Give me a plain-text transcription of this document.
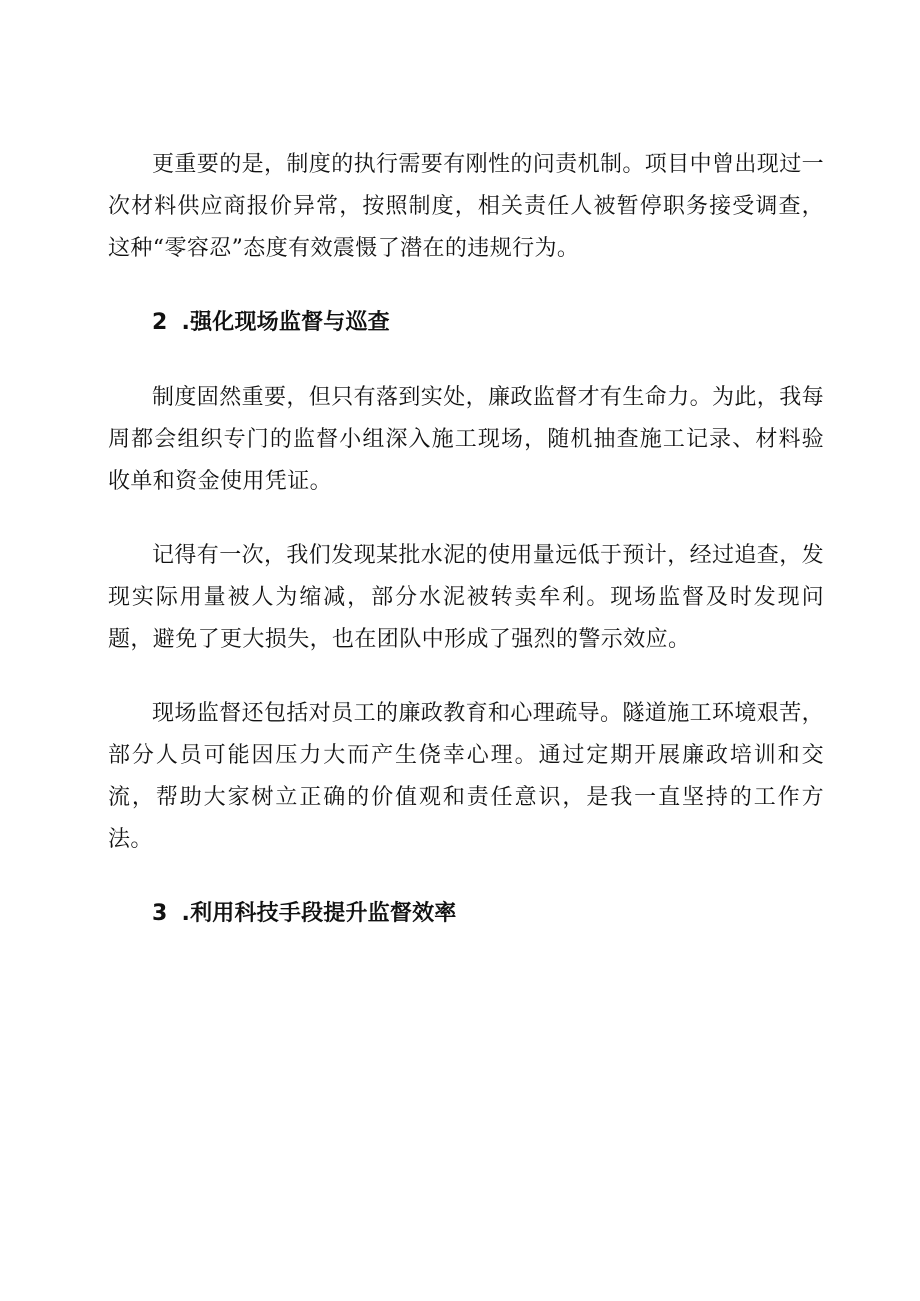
更重要的是，制度的执行需要有刚性的问责机制。项目中曾出现过一次材料供应商报价异常，按照制度，相关责任人被暂停职务接受调查，这种“零容忍”态度有效震慑了潜在的违规行为。

2 .强化现场监督与巡查

制度固然重要，但只有落到实处，廉政监督才有生命力。为此，我每周都会组织专门的监督小组深入施工现场，随机抽查施工记录、材料验收单和资金使用凭证。

记得有一次，我们发现某批水泥的使用量远低于预计，经过追查，发现实际用量被人为缩减，部分水泥被转卖牟利。现场监督及时发现问题，避免了更大损失，也在团队中形成了强烈的警示效应。

现场监督还包括对员工的廉政教育和心理疏导。隧道施工环境艰苦，部分人员可能因压力大而产生侥幸心理。通过定期开展廉政培训和交流，帮助大家树立正确的价值观和责任意识，是我一直坚持的工作方法。

3 .利用科技手段提升监督效率
